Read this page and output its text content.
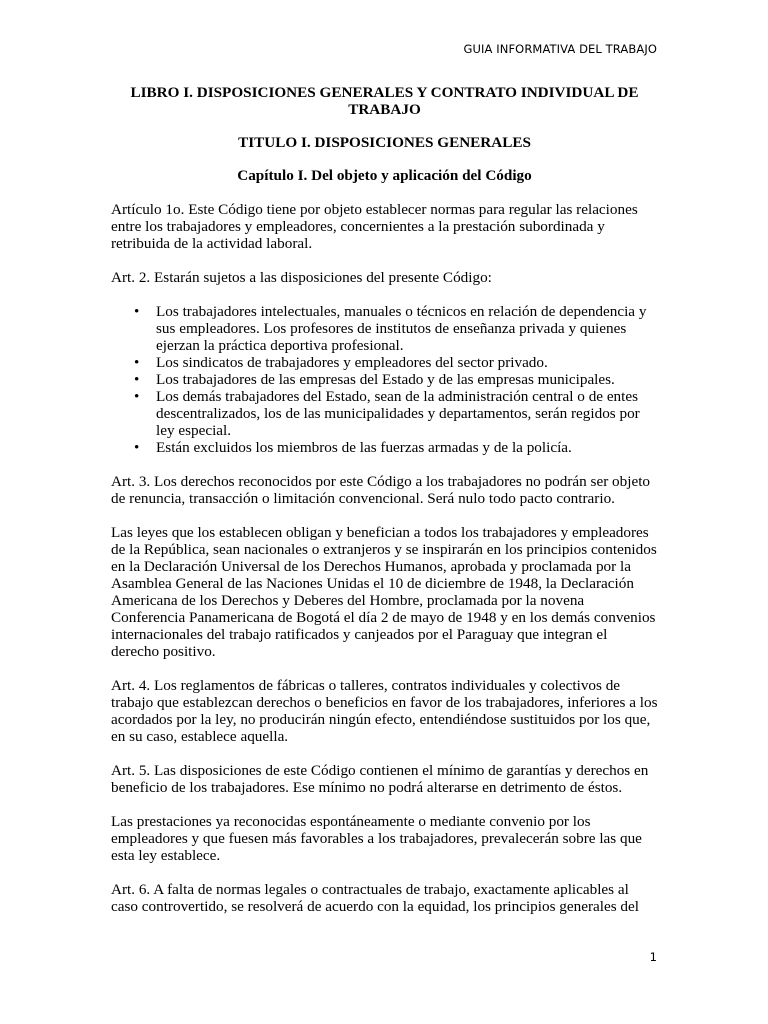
GUIA INFORMATIVA DEL TRABAJO
LIBRO I. DISPOSICIONES GENERALES Y CONTRATO INDIVIDUAL DE TRABAJO
TITULO I. DISPOSICIONES GENERALES
Capítulo I. Del objeto y aplicación del Código

Artículo 1o. Este Código tiene por objeto establecer normas para regular las relaciones entre los trabajadores y empleadores, concernientes a la prestación subordinada y retribuida de la actividad laboral.

Art. 2. Estarán sujetos a las disposiciones del presente Código:

• Los trabajadores intelectuales, manuales o técnicos en relación de dependencia y sus empleadores. Los profesores de institutos de enseñanza privada y quienes ejerzan la práctica deportiva profesional.
• Los sindicatos de trabajadores y empleadores del sector privado.
• Los trabajadores de las empresas del Estado y de las empresas municipales.
• Los demás trabajadores del Estado, sean de la administración central o de entes descentralizados, los de las municipalidades y departamentos, serán regidos por ley especial.
• Están excluidos los miembros de las fuerzas armadas y de la policía.

Art. 3. Los derechos reconocidos por este Código a los trabajadores no podrán ser objeto de renuncia, transacción o limitación convencional. Será nulo todo pacto contrario.

Las leyes que los establecen obligan y benefician a todos los trabajadores y empleadores de la República, sean nacionales o extranjeros y se inspirarán en los principios contenidos en la Declaración Universal de los Derechos Humanos, aprobada y proclamada por la Asamblea General de las Naciones Unidas el 10 de diciembre de 1948, la Declaración Americana de los Derechos y Deberes del Hombre, proclamada por la novena Conferencia Panamericana de Bogotá el día 2 de mayo de 1948 y en los demás convenios internacionales del trabajo ratificados y canjeados por el Paraguay que integran el derecho positivo.

Art. 4. Los reglamentos de fábricas o talleres, contratos individuales y colectivos de trabajo que establezcan derechos o beneficios en favor de los trabajadores, inferiores a los acordados por la ley, no producirán ningún efecto, entendiéndose sustituidos por los que, en su caso, establece aquella.

Art. 5. Las disposiciones de este Código contienen el mínimo de garantías y derechos en beneficio de los trabajadores. Ese mínimo no podrá alterarse en detrimento de éstos.

Las prestaciones ya reconocidas espontáneamente o mediante convenio por los empleadores y que fuesen más favorables a los trabajadores, prevalecerán sobre las que esta ley establece.

Art. 6. A falta de normas legales o contractuales de trabajo, exactamente aplicables al caso controvertido, se resolverá de acuerdo con la equidad, los principios generales del

1
